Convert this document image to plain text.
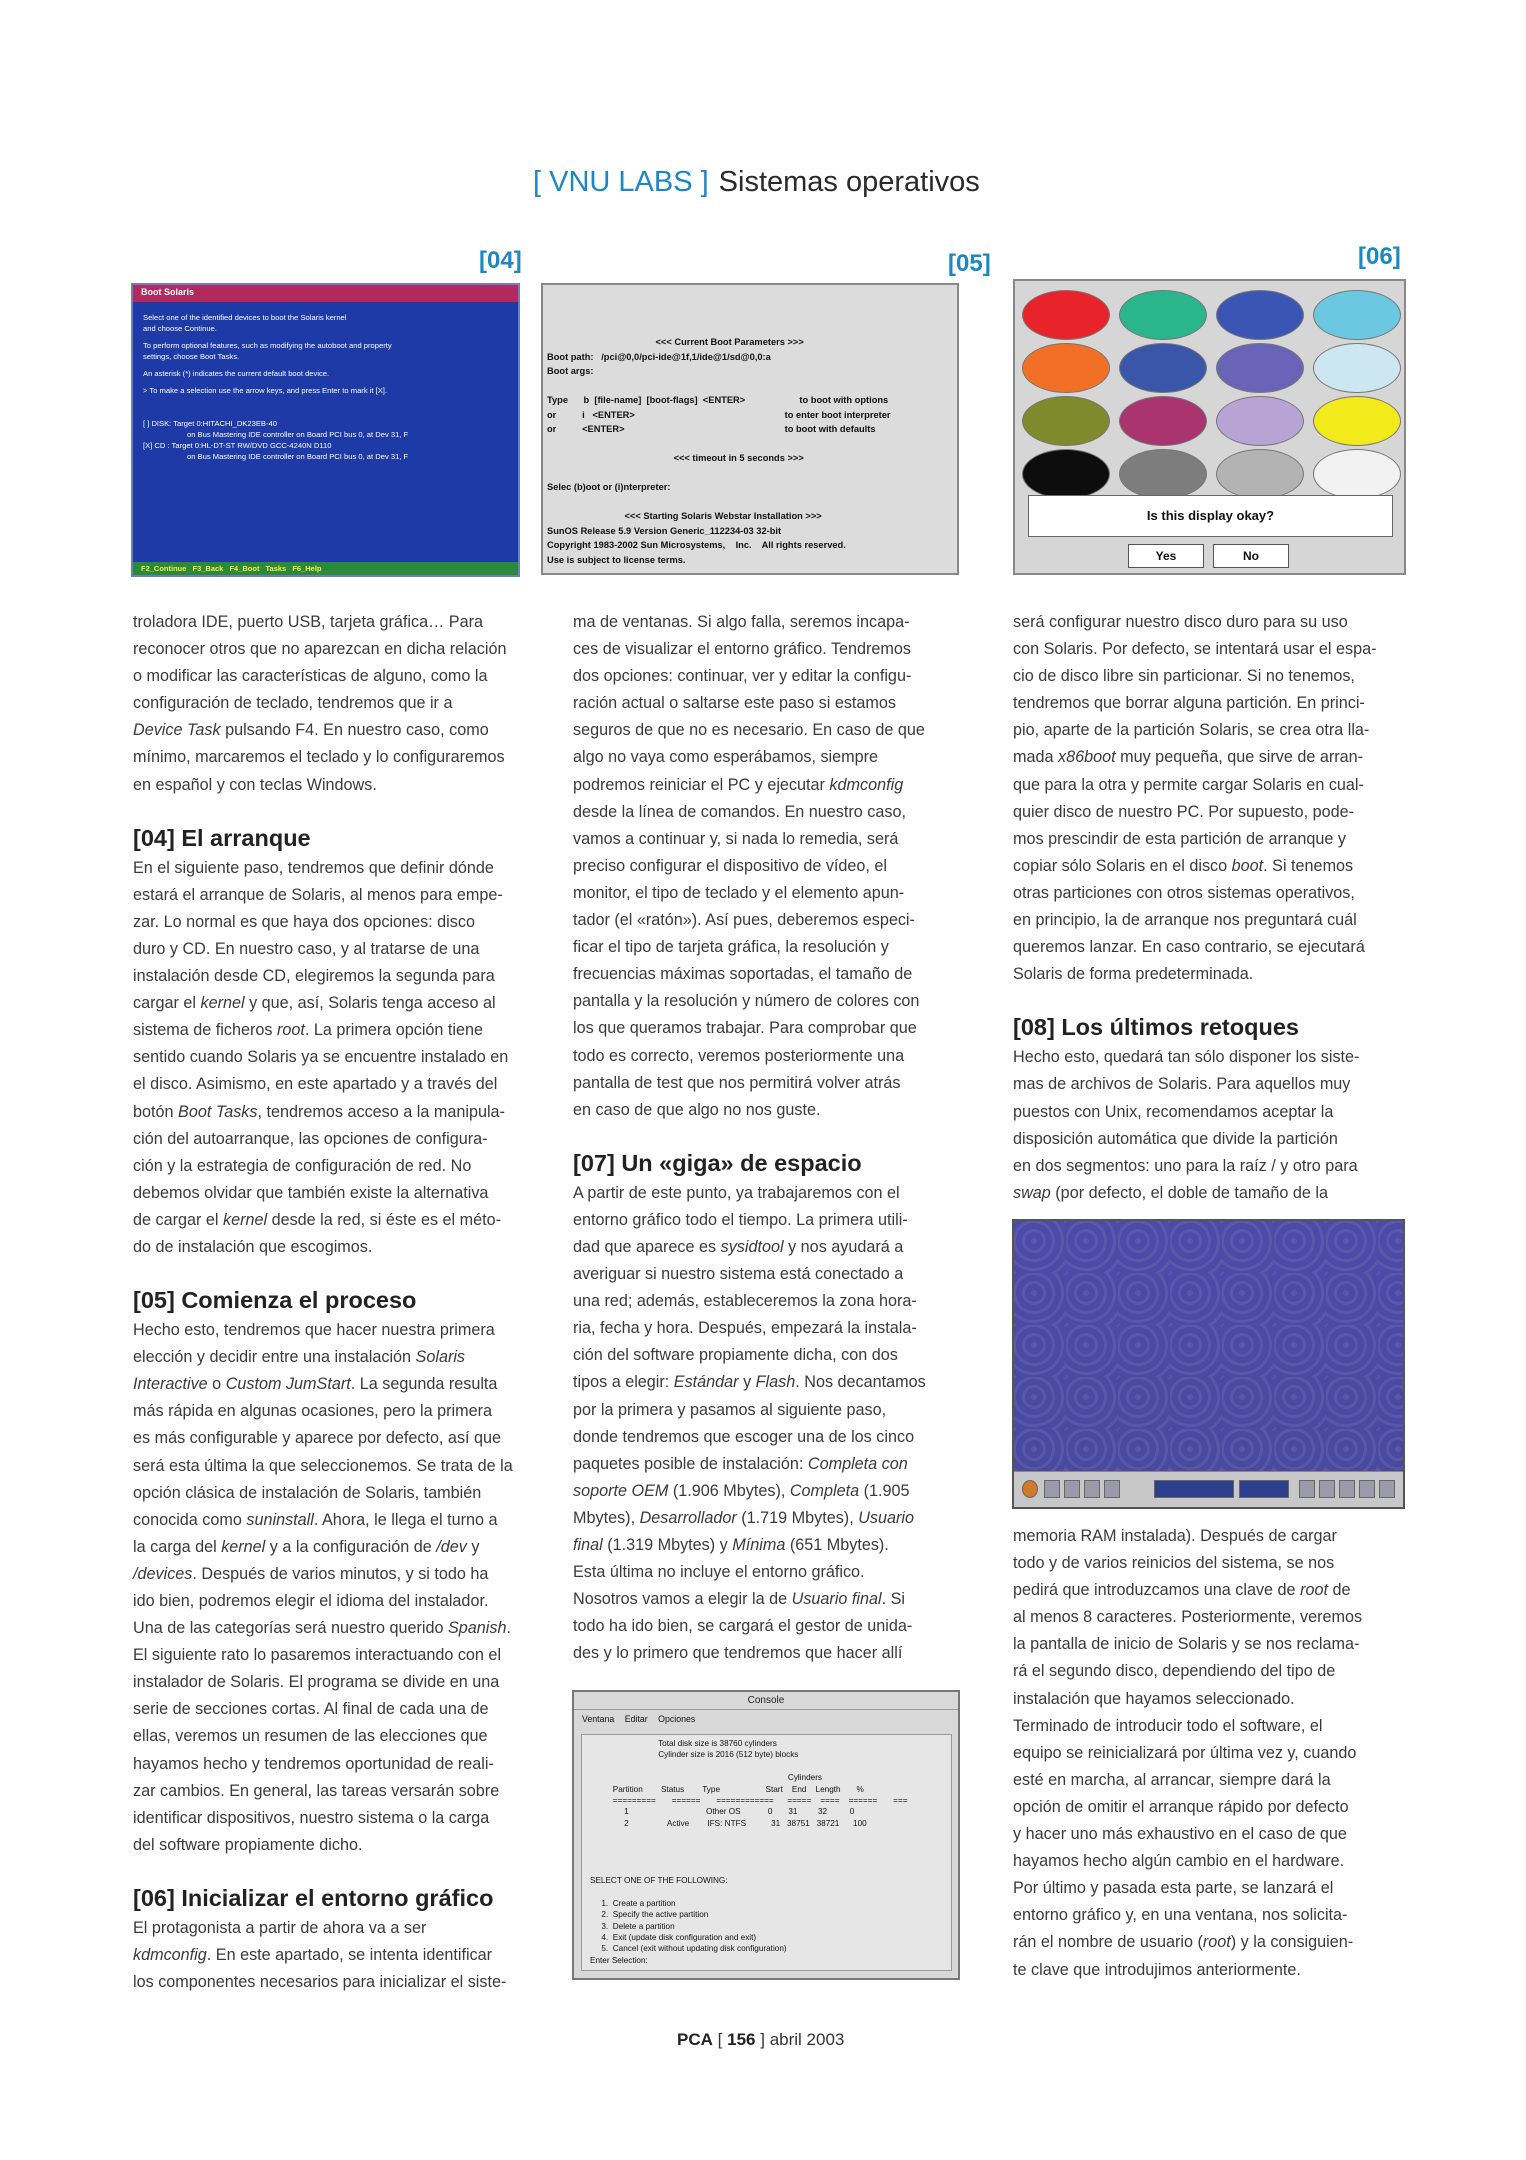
[ VNU LABS ] Sistemas operativos
[04]	[05]	[06]
Boot Solaris

Select one of the identified devices to boot the Solaris kernel
and choose Continue.

To perform optional features, such as modifying the autoboot and property
settings, choose Boot Tasks.

An asterisk (*) indicates the current default boot device.

> To make a selection use the arrow keys, and press Enter to mark it [X].

[ ] DISK: Target 0:HITACHI_DK23EB-40
on Bus Mastering IDE controller on Board PCI bus 0, at Dev 31, F
[X] CD : Target 0:HL-DT-ST RW/DVD GCC-4240N D110
on Bus Mastering IDE controller on Board PCI bus 0, at Dev 31, F

F2_Continue F3_Back F4_Boot Tasks F6_Help
<<< Current Boot Parameters >>>
Boot path:   /pci@0,0/pci-ide@1f,1/ide@1/sd@0,0:a
Boot args:

Type      b  [file-name]  [boot-flags]  <ENTER>                     to boot with options
or          i   <ENTER>                                                          to enter boot interpreter
or          <ENTER>                                                              to boot with defaults

<<< timeout in 5 seconds >>>

Selec (b)oot or (i)nterpreter:

<<< Starting Solaris Webstar Installation >>>
SunOS Release 5.9 Version Generic_112234-03 32-bit
Copyright 1983-2002 Sun Microsystems,    Inc.    All rights reserved.
Use is subject to license terms.
Is this display okay?
Yes	No
Console
Ventana Editar Opciones
Total disk size is 38760 cylinders
Cylinder size is 2016 (512 byte) blocks

Cylinders
Partition        Status        Type                    Start    End    Length       %
=========       ======       ============      =====    ====    ======       ===
1                                  Other OS            0       31         32          0
2                 Active        IFS: NTFS           31   38751   38721      100

SELECT ONE OF THE FOLLOWING:

1.  Create a partition
2.  Specify the active partition
3.  Delete a partition
4.  Exit (update disk configuration and exit)
5.  Cancel (exit without updating disk configuration)
Enter Selection:

troladora IDE, puerto USB, tarjeta gráfica… Para
reconocer otros que no aparezcan en dicha relación
o modificar las características de alguno, como la
configuración de teclado, tendremos que ir a
Device Task pulsando F4. En nuestro caso, como
mínimo, marcaremos el teclado y lo configuraremos
en español y con teclas Windows.

[04] El arranque

En el siguiente paso, tendremos que definir dónde
estará el arranque de Solaris, al menos para empe-
zar. Lo normal es que haya dos opciones: disco
duro y CD. En nuestro caso, y al tratarse de una
instalación desde CD, elegiremos la segunda para
cargar el kernel y que, así, Solaris tenga acceso al
sistema de ficheros root. La primera opción tiene
sentido cuando Solaris ya se encuentre instalado en
el disco. Asimismo, en este apartado y a través del
botón Boot Tasks, tendremos acceso a la manipula-
ción del autoarranque, las opciones de configura-
ción y la estrategia de configuración de red. No
debemos olvidar que también existe la alternativa
de cargar el kernel desde la red, si éste es el méto-
do de instalación que escogimos.

[05] Comienza el proceso

Hecho esto, tendremos que hacer nuestra primera
elección y decidir entre una instalación Solaris
Interactive o Custom JumStart. La segunda resulta
más rápida en algunas ocasiones, pero la primera
es más configurable y aparece por defecto, así que
será esta última la que seleccionemos. Se trata de la
opción clásica de instalación de Solaris, también
conocida como suninstall. Ahora, le llega el turno a
la carga del kernel y a la configuración de /dev y
/devices. Después de varios minutos, y si todo ha
ido bien, podremos elegir el idioma del instalador.
Una de las categorías será nuestro querido Spanish.
El siguiente rato lo pasaremos interactuando con el
instalador de Solaris. El programa se divide en una
serie de secciones cortas. Al final de cada una de
ellas, veremos un resumen de las elecciones que
hayamos hecho y tendremos oportunidad de reali-
zar cambios. En general, las tareas versarán sobre
identificar dispositivos, nuestro sistema o la carga
del software propiamente dicho.

[06] Inicializar el entorno gráfico

El protagonista a partir de ahora va a ser
kdmconfig. En este apartado, se intenta identificar
los componentes necesarios para inicializar el siste-

ma de ventanas. Si algo falla, seremos incapa-
ces de visualizar el entorno gráfico. Tendremos
dos opciones: continuar, ver y editar la configu-
ración actual o saltarse este paso si estamos
seguros de que no es necesario. En caso de que
algo no vaya como esperábamos, siempre
podremos reiniciar el PC y ejecutar kdmconfig
desde la línea de comandos. En nuestro caso,
vamos a continuar y, si nada lo remedia, será
preciso configurar el dispositivo de vídeo, el
monitor, el tipo de teclado y el elemento apun-
tador (el «ratón»). Así pues, deberemos especi-
ficar el tipo de tarjeta gráfica, la resolución y
frecuencias máximas soportadas, el tamaño de
pantalla y la resolución y número de colores con
los que queramos trabajar. Para comprobar que
todo es correcto, veremos posteriormente una
pantalla de test que nos permitirá volver atrás
en caso de que algo no nos guste.

[07] Un «giga» de espacio

A partir de este punto, ya trabajaremos con el
entorno gráfico todo el tiempo. La primera utili-
dad que aparece es sysidtool y nos ayudará a
averiguar si nuestro sistema está conectado a
una red; además, estableceremos la zona hora-
ria, fecha y hora. Después, empezará la instala-
ción del software propiamente dicha, con dos
tipos a elegir: Estándar y Flash. Nos decantamos
por la primera y pasamos al siguiente paso,
donde tendremos que escoger una de los cinco
paquetes posible de instalación: Completa con
soporte OEM (1.906 Mbytes), Completa (1.905
Mbytes), Desarrollador (1.719 Mbytes), Usuario
final (1.319 Mbytes) y Mínima (651 Mbytes).
Esta última no incluye el entorno gráfico.
Nosotros vamos a elegir la de Usuario final. Si
todo ha ido bien, se cargará el gestor de unida-
des y lo primero que tendremos que hacer allí

será configurar nuestro disco duro para su uso
con Solaris. Por defecto, se intentará usar el espa-
cio de disco libre sin particionar. Si no tenemos,
tendremos que borrar alguna partición. En princi-
pio, aparte de la partición Solaris, se crea otra lla-
mada x86boot muy pequeña, que sirve de arran-
que para la otra y permite cargar Solaris en cual-
quier disco de nuestro PC. Por supuesto, pode-
mos prescindir de esta partición de arranque y
copiar sólo Solaris en el disco boot. Si tenemos
otras particiones con otros sistemas operativos,
en principio, la de arranque nos preguntará cuál
queremos lanzar. En caso contrario, se ejecutará
Solaris de forma predeterminada.

[08] Los últimos retoques

Hecho esto, quedará tan sólo disponer los siste-
mas de archivos de Solaris. Para aquellos muy
puestos con Unix, recomendamos aceptar la
disposición automática que divide la partición
en dos segmentos: uno para la raíz / y otro para
swap (por defecto, el doble de tamaño de la

memoria RAM instalada). Después de cargar
todo y de varios reinicios del sistema, se nos
pedirá que introduzcamos una clave de root de
al menos 8 caracteres. Posteriormente, veremos
la pantalla de inicio de Solaris y se nos reclama-
rá el segundo disco, dependiendo del tipo de
instalación que hayamos seleccionado.
Terminado de introducir todo el software, el
equipo se reinicializará por última vez y, cuando
esté en marcha, al arrancar, siempre dará la
opción de omitir el arranque rápido por defecto
y hacer uno más exhaustivo en el caso de que
hayamos hecho algún cambio en el hardware.
Por último y pasada esta parte, se lanzará el
entorno gráfico y, en una ventana, nos solicita-
rán el nombre de usuario (root) y la consiguien-
te clave que introdujimos anteriormente.

PCA [ 156 ] abril 2003
